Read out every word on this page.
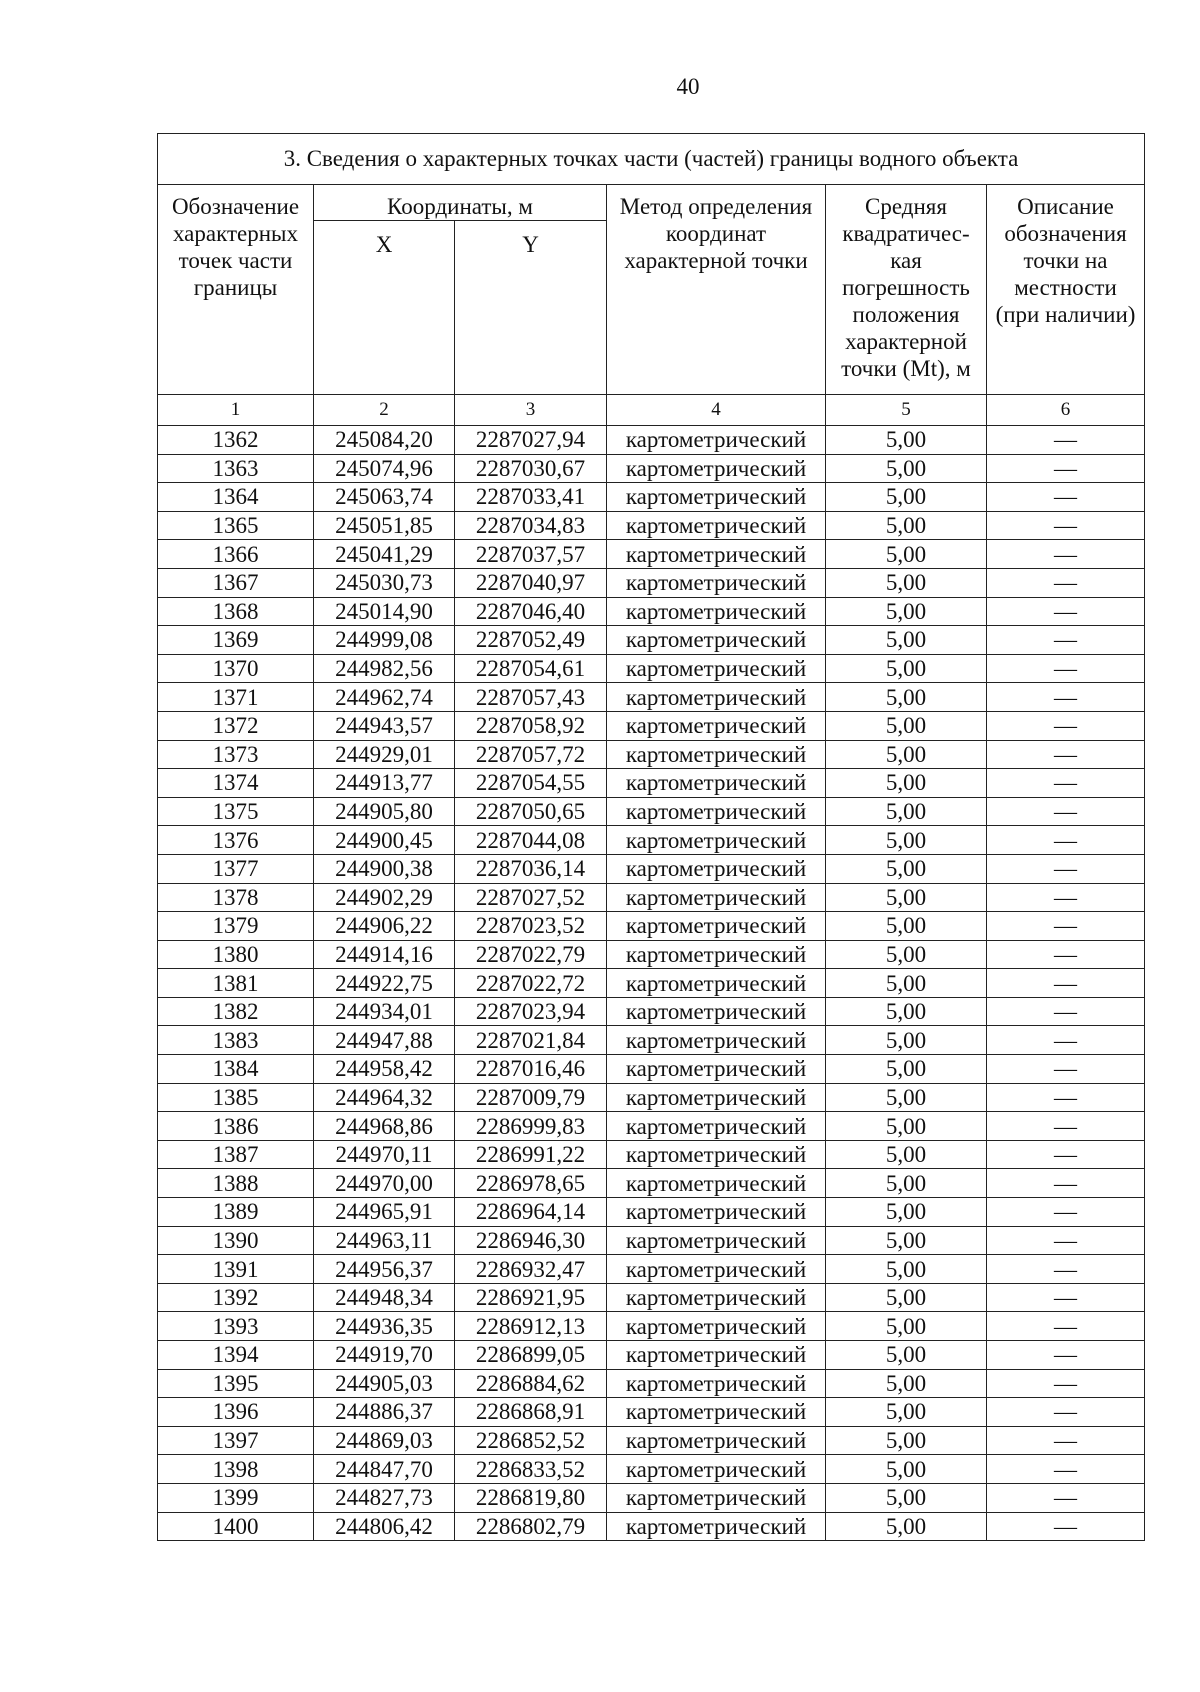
40
3. Сведения о характерных точках части (частей) границы водного объекта					
Обозначение характерных точек части границы	Координаты, м		Метод определения координат характерной точки	Средняя квадратичес-кая погрешность положения характерной точки (Mt), м	Описание обозначения точки на местности (при наличии)
	X	Y			
1	2	3	4	5	6
1362	245084,20	2287027,94	картометрический	5,00	—
1363	245074,96	2287030,67	картометрический	5,00	—
1364	245063,74	2287033,41	картометрический	5,00	—
1365	245051,85	2287034,83	картометрический	5,00	—
1366	245041,29	2287037,57	картометрический	5,00	—
1367	245030,73	2287040,97	картометрический	5,00	—
1368	245014,90	2287046,40	картометрический	5,00	—
1369	244999,08	2287052,49	картометрический	5,00	—
1370	244982,56	2287054,61	картометрический	5,00	—
1371	244962,74	2287057,43	картометрический	5,00	—
1372	244943,57	2287058,92	картометрический	5,00	—
1373	244929,01	2287057,72	картометрический	5,00	—
1374	244913,77	2287054,55	картометрический	5,00	—
1375	244905,80	2287050,65	картометрический	5,00	—
1376	244900,45	2287044,08	картометрический	5,00	—
1377	244900,38	2287036,14	картометрический	5,00	—
1378	244902,29	2287027,52	картометрический	5,00	—
1379	244906,22	2287023,52	картометрический	5,00	—
1380	244914,16	2287022,79	картометрический	5,00	—
1381	244922,75	2287022,72	картометрический	5,00	—
1382	244934,01	2287023,94	картометрический	5,00	—
1383	244947,88	2287021,84	картометрический	5,00	—
1384	244958,42	2287016,46	картометрический	5,00	—
1385	244964,32	2287009,79	картометрический	5,00	—
1386	244968,86	2286999,83	картометрический	5,00	—
1387	244970,11	2286991,22	картометрический	5,00	—
1388	244970,00	2286978,65	картометрический	5,00	—
1389	244965,91	2286964,14	картометрический	5,00	—
1390	244963,11	2286946,30	картометрический	5,00	—
1391	244956,37	2286932,47	картометрический	5,00	—
1392	244948,34	2286921,95	картометрический	5,00	—
1393	244936,35	2286912,13	картометрический	5,00	—
1394	244919,70	2286899,05	картометрический	5,00	—
1395	244905,03	2286884,62	картометрический	5,00	—
1396	244886,37	2286868,91	картометрический	5,00	—
1397	244869,03	2286852,52	картометрический	5,00	—
1398	244847,70	2286833,52	картометрический	5,00	—
1399	244827,73	2286819,80	картометрический	5,00	—
1400	244806,42	2286802,79	картометрический	5,00	—
